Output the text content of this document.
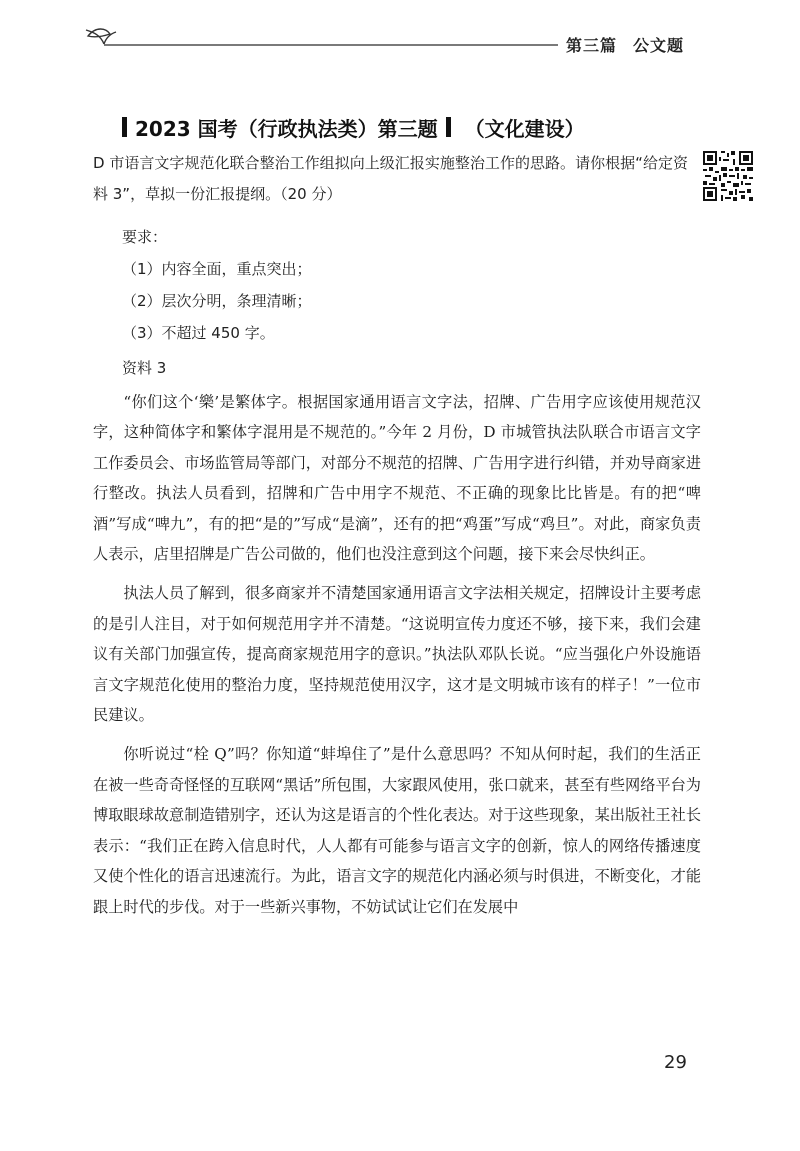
第三篇 公文题
2023 国考（行政执法类）第三题 （文化建设）
D 市语言文字规范化联合整治工作组拟向上级汇报实施整治工作的思路。请你根据“给定资料 3”，草拟一份汇报提纲。（20 分）
要求：
（1）内容全面，重点突出；
（2）层次分明，条理清晰；
（3）不超过 450 字。
资料 3

“你们这个‘樂’是繁体字。根据国家通用语言文字法，招牌、广告用字应该使用规范汉字，这种简体字和繁体字混用是不规范的。”今年 2 月份，D 市城管执法队联合市语言文字工作委员会、市场监管局等部门，对部分不规范的招牌、广告用字进行纠错，并劝导商家进行整改。执法人员看到，招牌和广告中用字不规范、不正确的现象比比皆是。有的把“啤酒”写成“啤九”，有的把“是的”写成“是滴”，还有的把“鸡蛋”写成“鸡旦”。对此，商家负责人表示，店里招牌是广告公司做的，他们也没注意到这个问题，接下来会尽快纠正。

执法人员了解到，很多商家并不清楚国家通用语言文字法相关规定，招牌设计主要考虑的是引人注目，对于如何规范用字并不清楚。“这说明宣传力度还不够，接下来，我们会建议有关部门加强宣传，提高商家规范用字的意识。”执法队邓队长说。“应当强化户外设施语言文字规范化使用的整治力度，坚持规范使用汉字，这才是文明城市该有的样子！”一位市民建议。

你听说过“栓 Q”吗？你知道“蚌埠住了”是什么意思吗？不知从何时起，我们的生活正在被一些奇奇怪怪的互联网“黑话”所包围，大家跟风使用，张口就来，甚至有些网络平台为博取眼球故意制造错别字，还认为这是语言的个性化表达。对于这些现象，某出版社王社长表示：“我们正在跨入信息时代，人人都有可能参与语言文字的创新，惊人的网络传播速度又使个性化的语言迅速流行。为此，语言文字的规范化内涵必须与时俱进，不断变化，才能跟上时代的步伐。对于一些新兴事物，不妨试试让它们在发展中

29
